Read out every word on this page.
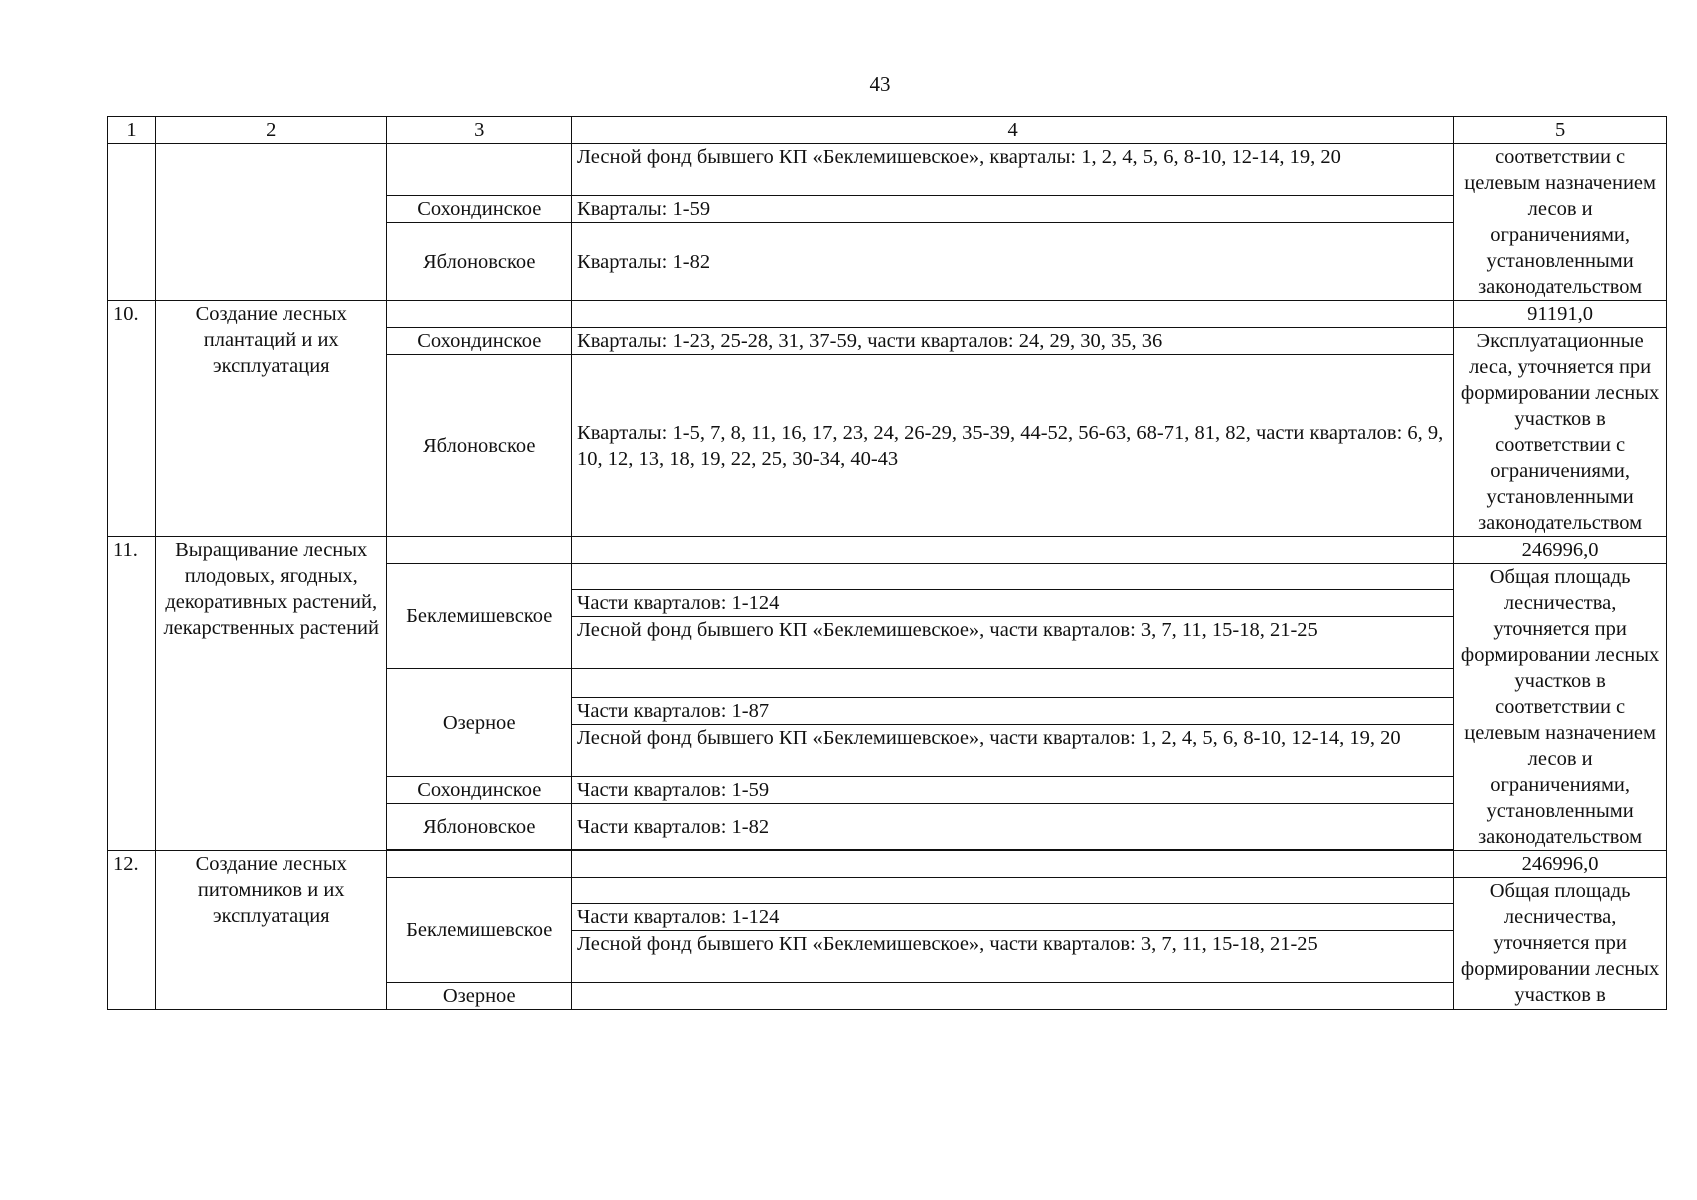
43
1	2	3	4	5
			Лесной фонд бывшего КП «Беклемишевское», кварталы: 1, 2, 4, 5, 6, 8-10, 12-14, 19, 20	соответствии с целевым назначением лесов и ограничениями, установленными законодательством
		Сохондинское	Кварталы: 1-59	
		Яблоновское	Кварталы: 1-82	
10.	Создание лесных плантаций и их эксплуатация			91191,0
		Сохондинское	Кварталы: 1-23, 25-28, 31, 37-59, части кварталов: 24, 29, 30, 35, 36	Эксплуатационные леса, уточняется при формировании лесных участков в соответствии с ограничениями, установленными законодательством
		Яблоновское	Кварталы: 1-5, 7, 8, 11, 16, 17, 23, 24, 26-29, 35-39, 44-52, 56-63, 68-71, 81, 82, части кварталов: 6, 9, 10, 12, 13, 18, 19, 22, 25, 30-34, 40-43	
11.	Выращивание лесных плодовых, ягодных, декоративных растений, лекарственных растений			246996,0
		Беклемишевское		Общая площадь лесничества, уточняется при формировании лесных участков в соответствии с целевым назначением лесов и ограничениями, установленными законодательством
			Части кварталов: 1-124	
			Лесной фонд бывшего КП «Беклемишевское», части кварталов: 3, 7, 11, 15-18, 21-25	
		Озерное		
			Части кварталов: 1-87	
			Лесной фонд бывшего КП «Беклемишевское», части кварталов: 1, 2, 4, 5, 6, 8-10, 12-14, 19, 20	
		Сохондинское	Части кварталов: 1-59	
		Яблоновское	Части кварталов: 1-82	

12.	Создание лесных питомников и их эксплуатация			246996,0
		Беклемишевское		Общая площадь лесничества, уточняется при формировании лесных участков в
			Части кварталов: 1-124	
			Лесной фонд бывшего КП «Беклемишевское», части кварталов: 3, 7, 11, 15-18, 21-25	
		Озерное		
